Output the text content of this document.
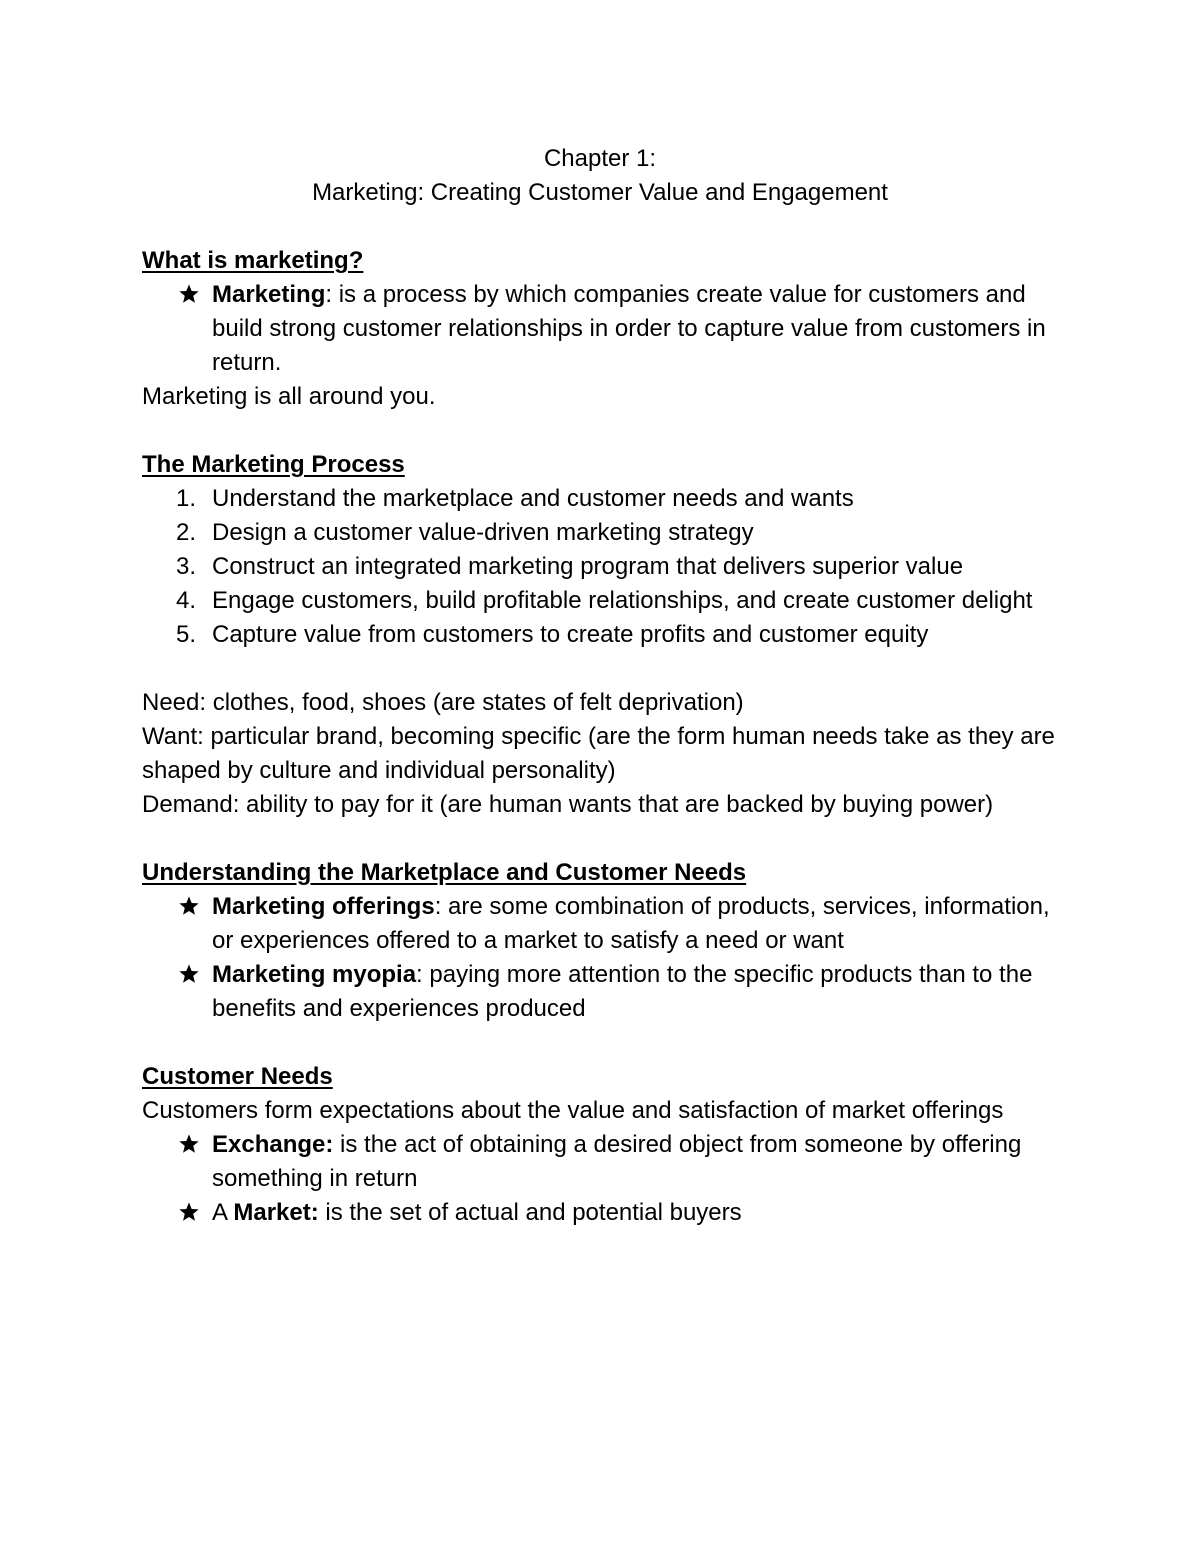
Chapter 1:
Marketing: Creating Customer Value and Engagement
What is marketing?
Marketing: is a process by which companies create value for customers and build strong customer relationships in order to capture value from customers in return.

Marketing is all around you.

The Marketing Process
1. Understand the marketplace and customer needs and wants
2. Design a customer value-driven marketing strategy
3. Construct an integrated marketing program that delivers superior value
4. Engage customers, build profitable relationships, and create customer delight
5. Capture value from customers to create profits and customer equity

Need: clothes, food, shoes (are states of felt deprivation)

Want: particular brand, becoming specific (are the form human needs take as they are shaped by culture and individual personality)

Demand: ability to pay for it (are human wants that are backed by buying power)

Understanding the Marketplace and Customer Needs
Marketing offerings: are some combination of products, services, information, or experiences offered to a market to satisfy a need or want
Marketing myopia: paying more attention to the specific products than to the benefits and experiences produced
Customer Needs

Customers form expectations about the value and satisfaction of market offerings

Exchange: is the act of obtaining a desired object from someone by offering something in return
A Market: is the set of actual and potential buyers
